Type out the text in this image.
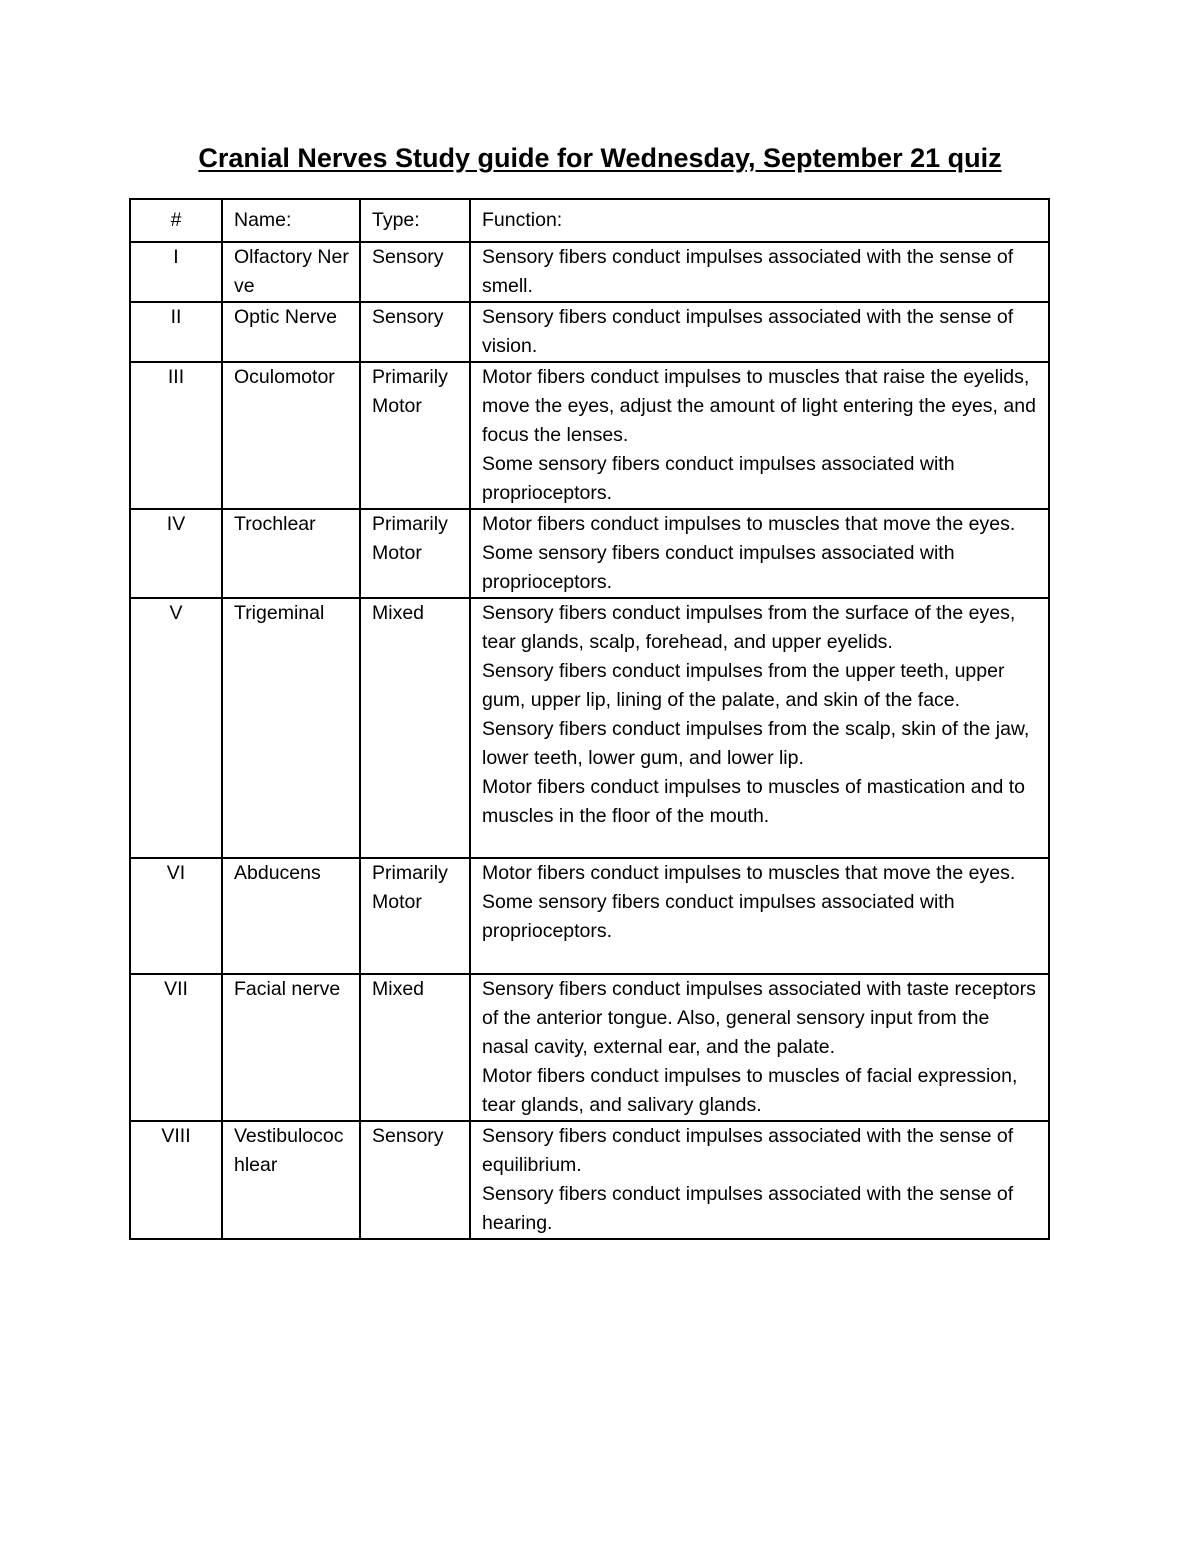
Cranial Nerves Study guide for Wednesday, September 21 quiz
#	Name:	Type:	Function:
I	Olfactory Nerve	Sensory	Sensory fibers conduct impulses associated with the sense of smell.

II	Optic Nerve	Sensory	Sensory fibers conduct impulses associated with the sense of vision.

III	Oculomotor	Primarily Motor	Motor fibers conduct impulses to muscles that raise the eyelids, move the eyes, adjust the amount of light entering the eyes, and focus the lenses.
Some sensory fibers conduct impulses associated with proprioceptors.

IV	Trochlear	Primarily Motor	Motor fibers conduct impulses to muscles that move the eyes. Some sensory fibers conduct impulses associated with proprioceptors.

V	Trigeminal	Mixed	Sensory fibers conduct impulses from the surface of the eyes, tear glands, scalp, forehead, and upper eyelids.
Sensory fibers conduct impulses from the upper teeth, upper gum, upper lip, lining of the palate, and skin of the face.
Sensory fibers conduct impulses from the scalp, skin of the jaw, lower teeth, lower gum, and lower lip.
Motor fibers conduct impulses to muscles of mastication and to muscles in the floor of the mouth.

VI	Abducens	Primarily Motor	Motor fibers conduct impulses to muscles that move the eyes.
Some sensory fibers conduct impulses associated with proprioceptors.

VII	Facial nerve	Mixed	Sensory fibers conduct impulses associated with taste receptors of the anterior tongue. Also, general sensory input from the nasal cavity, external ear, and the palate.
Motor fibers conduct impulses to muscles of facial expression, tear glands, and salivary glands.

VIII	Vestibulocochlear	Sensory	Sensory fibers conduct impulses associated with the sense of equilibrium.
Sensory fibers conduct impulses associated with the sense of hearing.
